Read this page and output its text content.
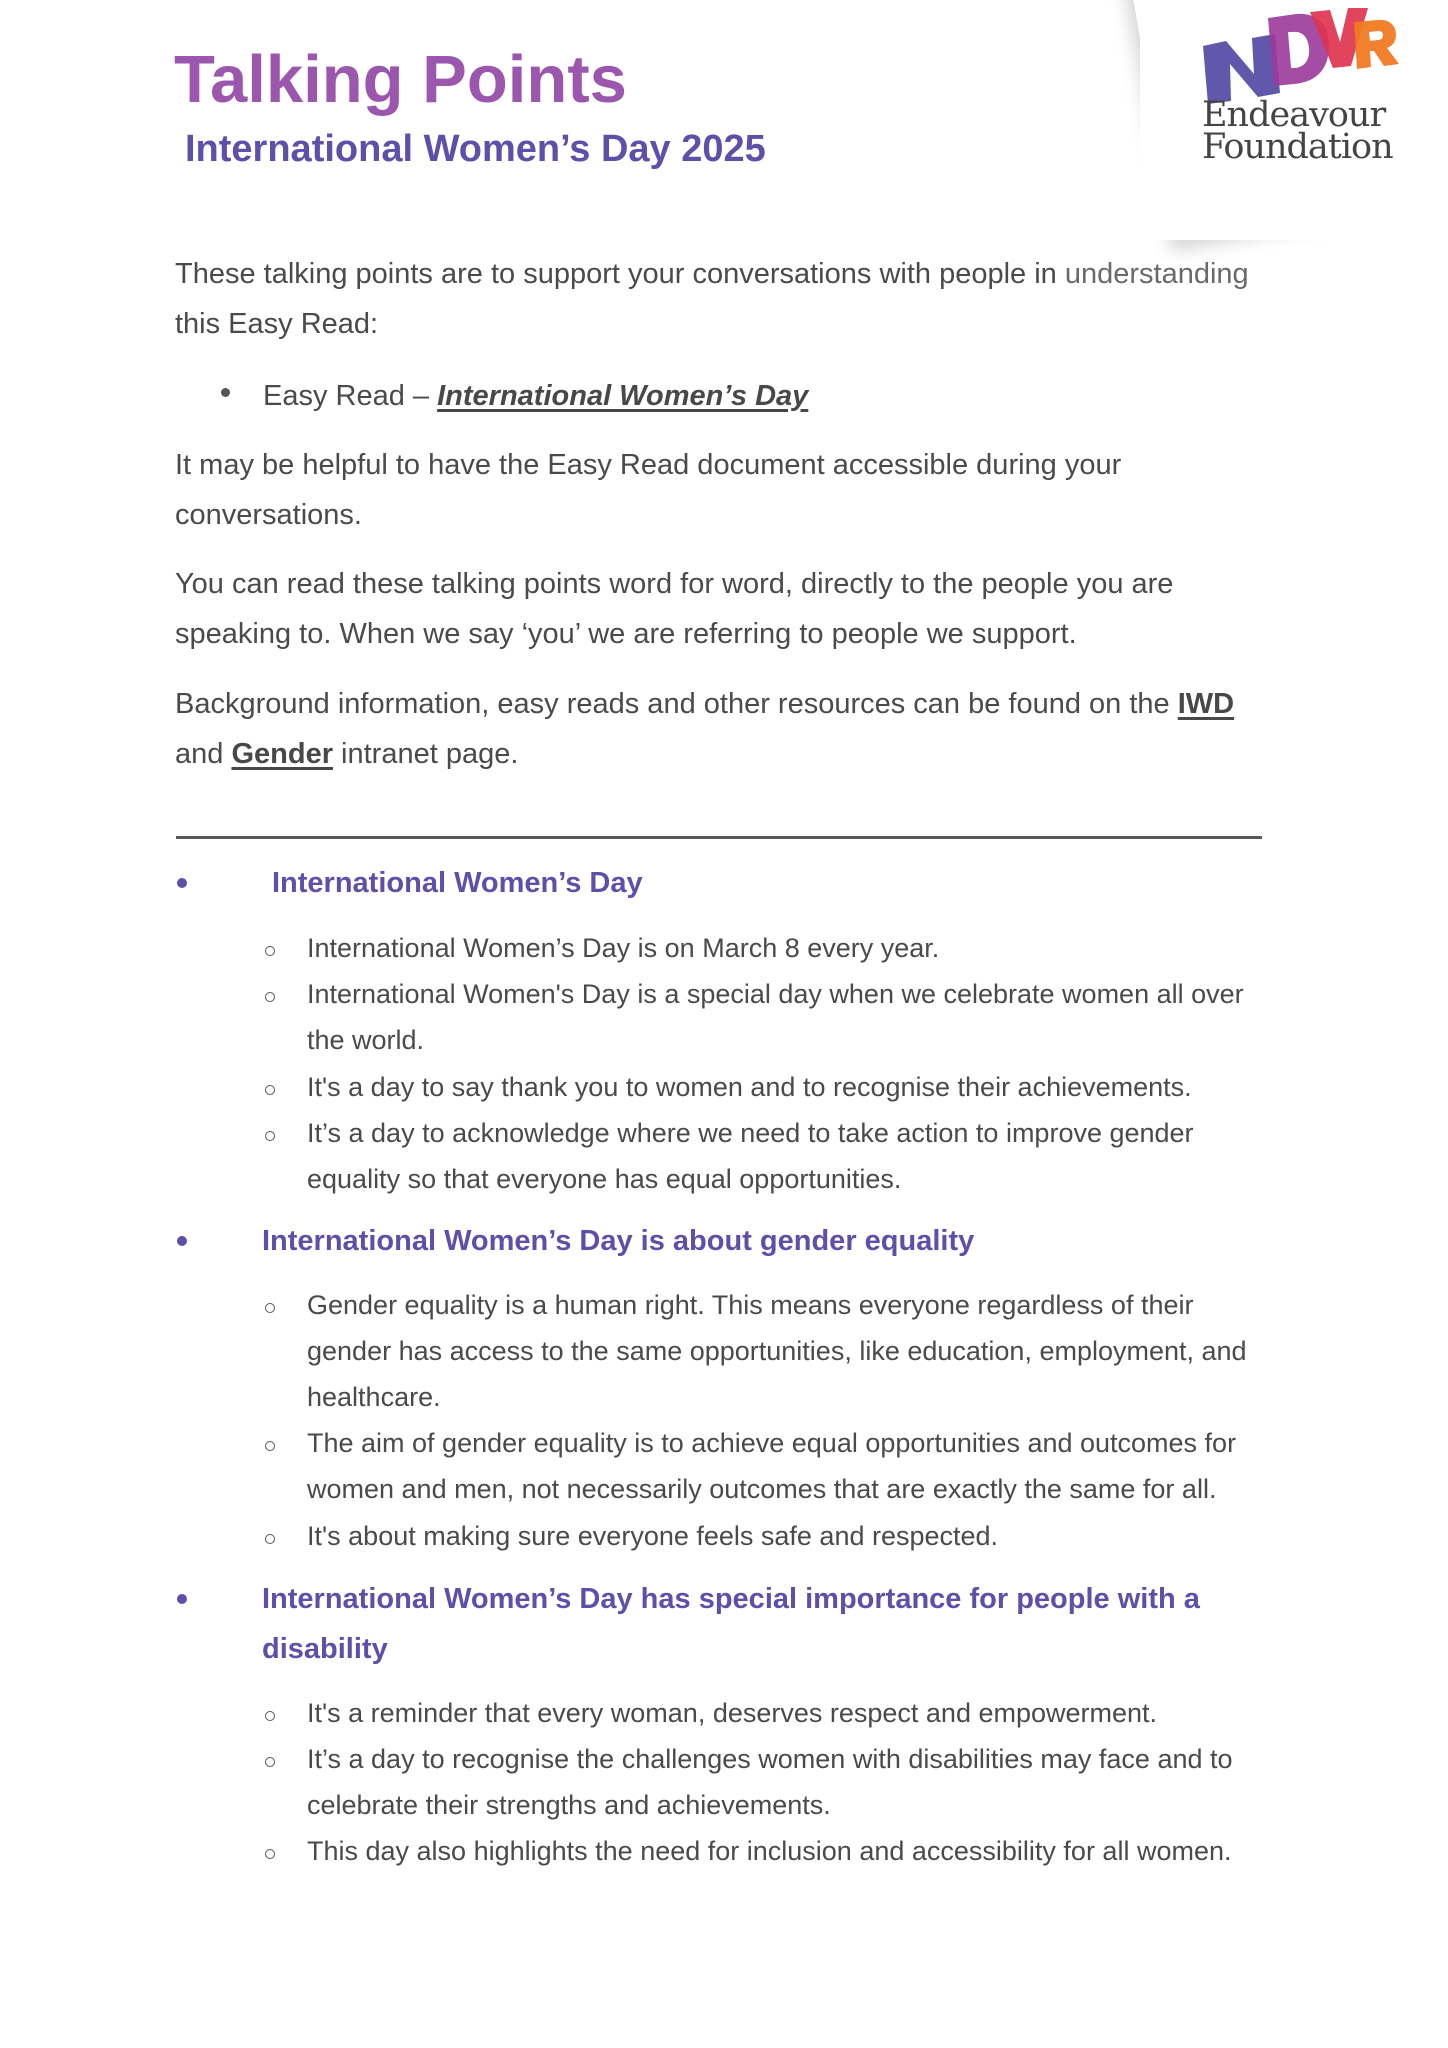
Endeavour
Foundation
Talking Points
International Women’s Day 2025
These talking points are to support your conversations with people in understanding
this Easy Read:
Easy Read – International Women’s Day
It may be helpful to have the Easy Read document accessible during your
conversations.
You can read these talking points word for word, directly to the people you are
speaking to. When we say ‘you’ we are referring to people we support.
Background information, easy reads and other resources can be found on the IWD
and Gender intranet page.
International Women’s Day
International Women’s Day is on March 8 every year.
International Women's Day is a special day when we celebrate women all over
the world.
It's a day to say thank you to women and to recognise their achievements.
It’s a day to acknowledge where we need to take action to improve gender
equality so that everyone has equal opportunities.
International Women’s Day is about gender equality
Gender equality is a human right. This means everyone regardless of their
gender has access to the same opportunities, like education, employment, and
healthcare.
The aim of gender equality is to achieve equal opportunities and outcomes for
women and men, not necessarily outcomes that are exactly the same for all.
It's about making sure everyone feels safe and respected.
International Women’s Day has special importance for people with a
disability
It's a reminder that every woman, deserves respect and empowerment.
It’s a day to recognise the challenges women with disabilities may face and to
celebrate their strengths and achievements.
This day also highlights the need for inclusion and accessibility for all women.
